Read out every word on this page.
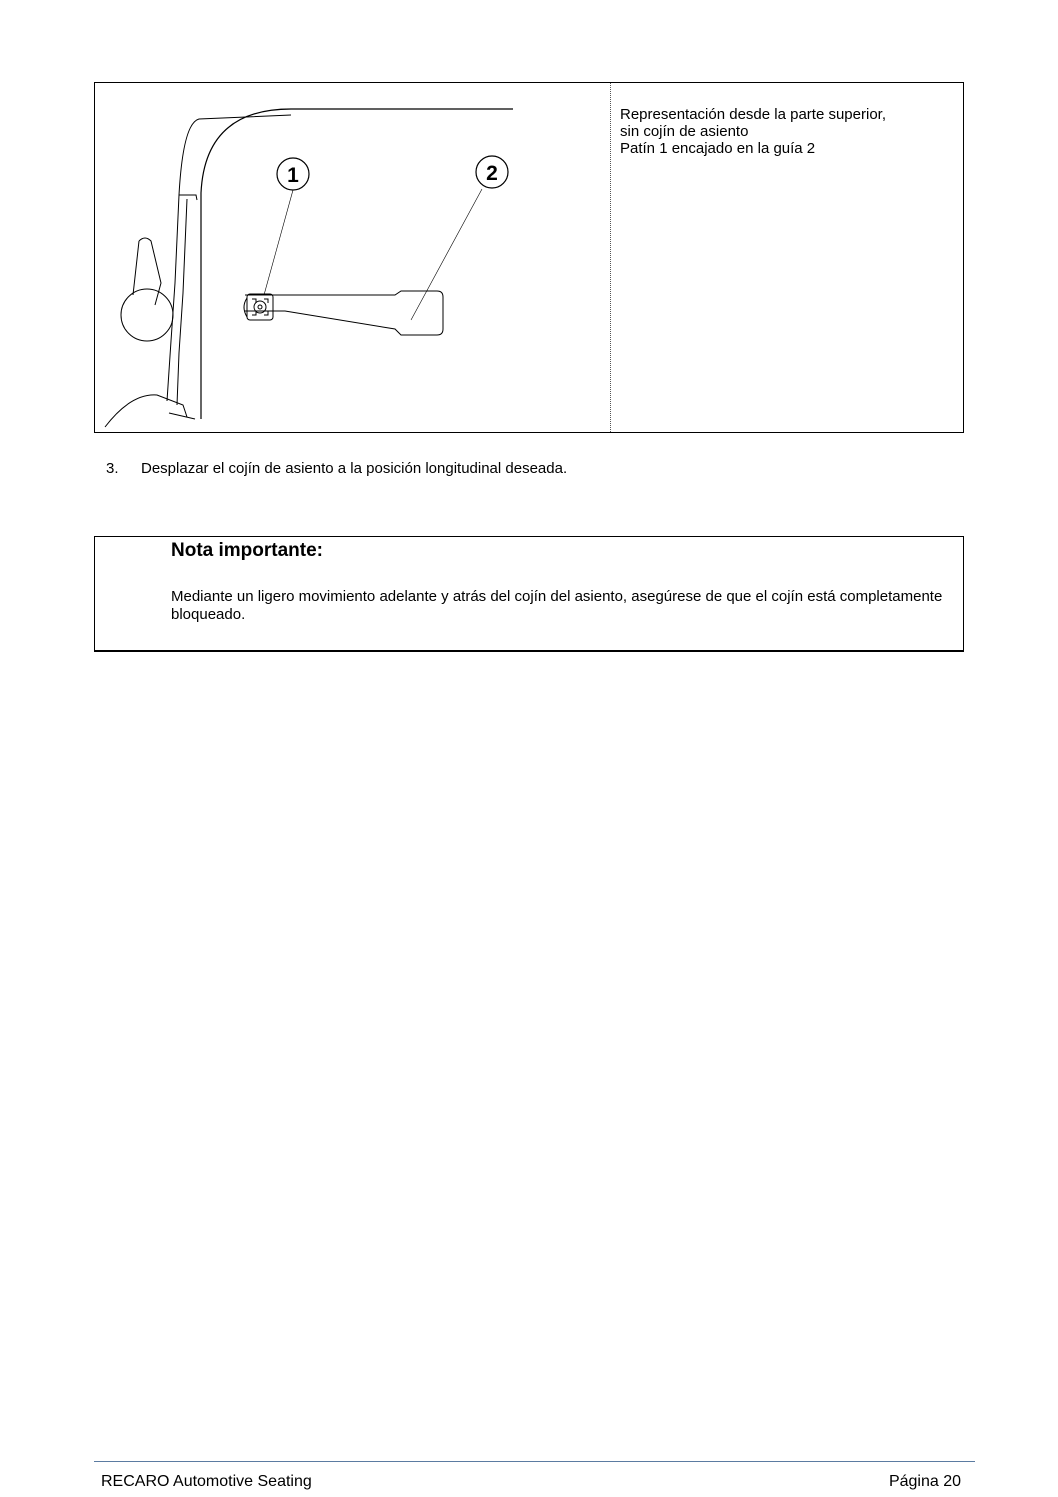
1	2
Representación desde la parte superior,
sin cojín de asiento
Patín 1 encajado en la guía 2
3. Desplazar el cojín de asiento a la posición longitudinal deseada.
Nota importante:
Mediante un ligero movimiento adelante y atrás del cojín del asiento, asegúrese de que el cojín está completamente bloqueado.
RECARO Automotive Seating	Página 20
